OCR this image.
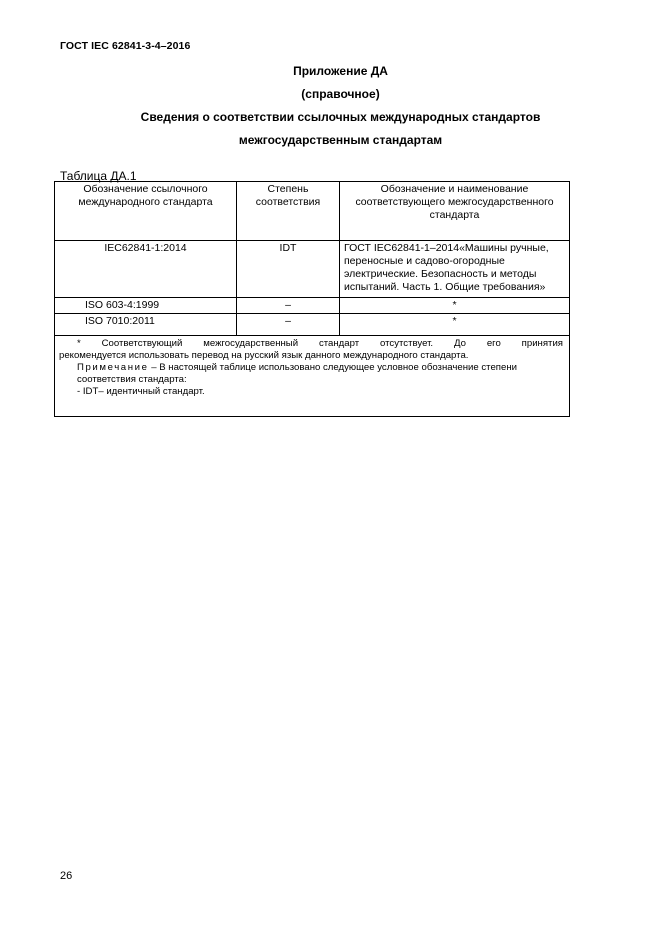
ГОСТ IEC 62841-3-4–2016
Приложение ДА
(справочное)
Сведения о соответствии ссылочных международных стандартов
межгосударственным стандартам
Таблица ДА.1
Обозначение ссылочного международного стандарта	Степень соответствия	Обозначение и наименование соответствующего межгосударственного стандарта
IEC62841-1:2014	IDT	ГОСТ IEC62841-1–2014«Машины ручные, переносные и садово-огородные электрические. Безопасность и методы испытаний. Часть 1. Общие требования»
ISO 603-4:1999	–	*
ISO 7010:2011	–	*

* Соответствующий межгосударственный стандарт отсутствует. До его принятия
рекомендуется использовать перевод на русский язык данного международного стандарта.
Примечание – В настоящей таблице использовано следующее условное обозначение степени соответствия стандарта:
- IDT– идентичный стандарт.		
26
